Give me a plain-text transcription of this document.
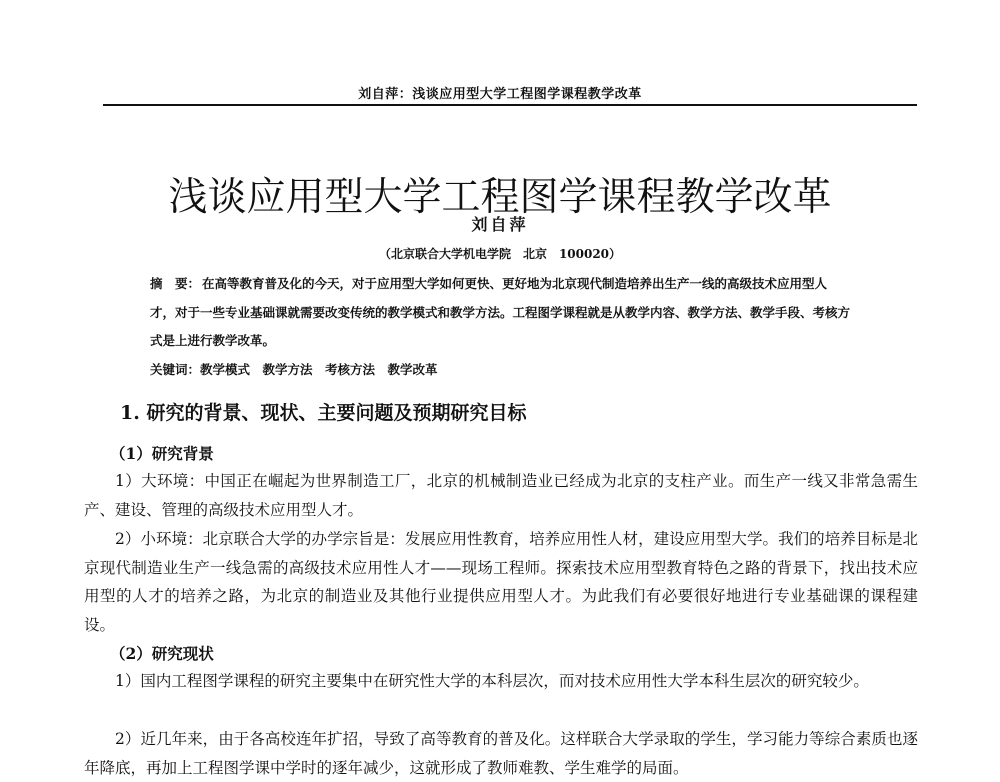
刘自萍：浅谈应用型大学工程图学课程教学改革
浅谈应用型大学工程图学课程教学改革
刘自萍
（北京联合大学机电学院　北京　100020）

摘　要： 在高等教育普及化的今天，对于应用型大学如何更快、更好地为北京现代制造培养出生产一线的高级技术应用型人才，对于一些专业基础课就需要改变传统的教学模式和教学方法。工程图学课程就是从教学内容、教学方法、教学手段、考核方式是上进行教学改革。

关键词：教学模式　教学方法　考核方法　教学改革

1. 研究的背景、现状、主要问题及预期研究目标
（1）研究背景

1）大环境：中国正在崛起为世界制造工厂，北京的机械制造业已经成为北京的支柱产业。而生产一线又非常急需生产、建设、管理的高级技术应用型人才。

2）小环境：北京联合大学的办学宗旨是：发展应用性教育，培养应用性人材，建设应用型大学。我们的培养目标是北京现代制造业生产一线急需的高级技术应用性人才——现场工程师。探索技术应用型教育特色之路的背景下，找出技术应用型的人才的培养之路，为北京的制造业及其他行业提供应用型人才。为此我们有必要很好地进行专业基础课的课程建设。

（2）研究现状

1）国内工程图学课程的研究主要集中在研究性大学的本科层次，而对技术应用性大学本科生层次的研究较少。

2）近几年来，由于各高校连年扩招，导致了高等教育的普及化。这样联合大学录取的学生，学习能力等综合素质也逐年降底，再加上工程图学课中学时的逐年减少，这就形成了教师难教、学生难学的局面。
